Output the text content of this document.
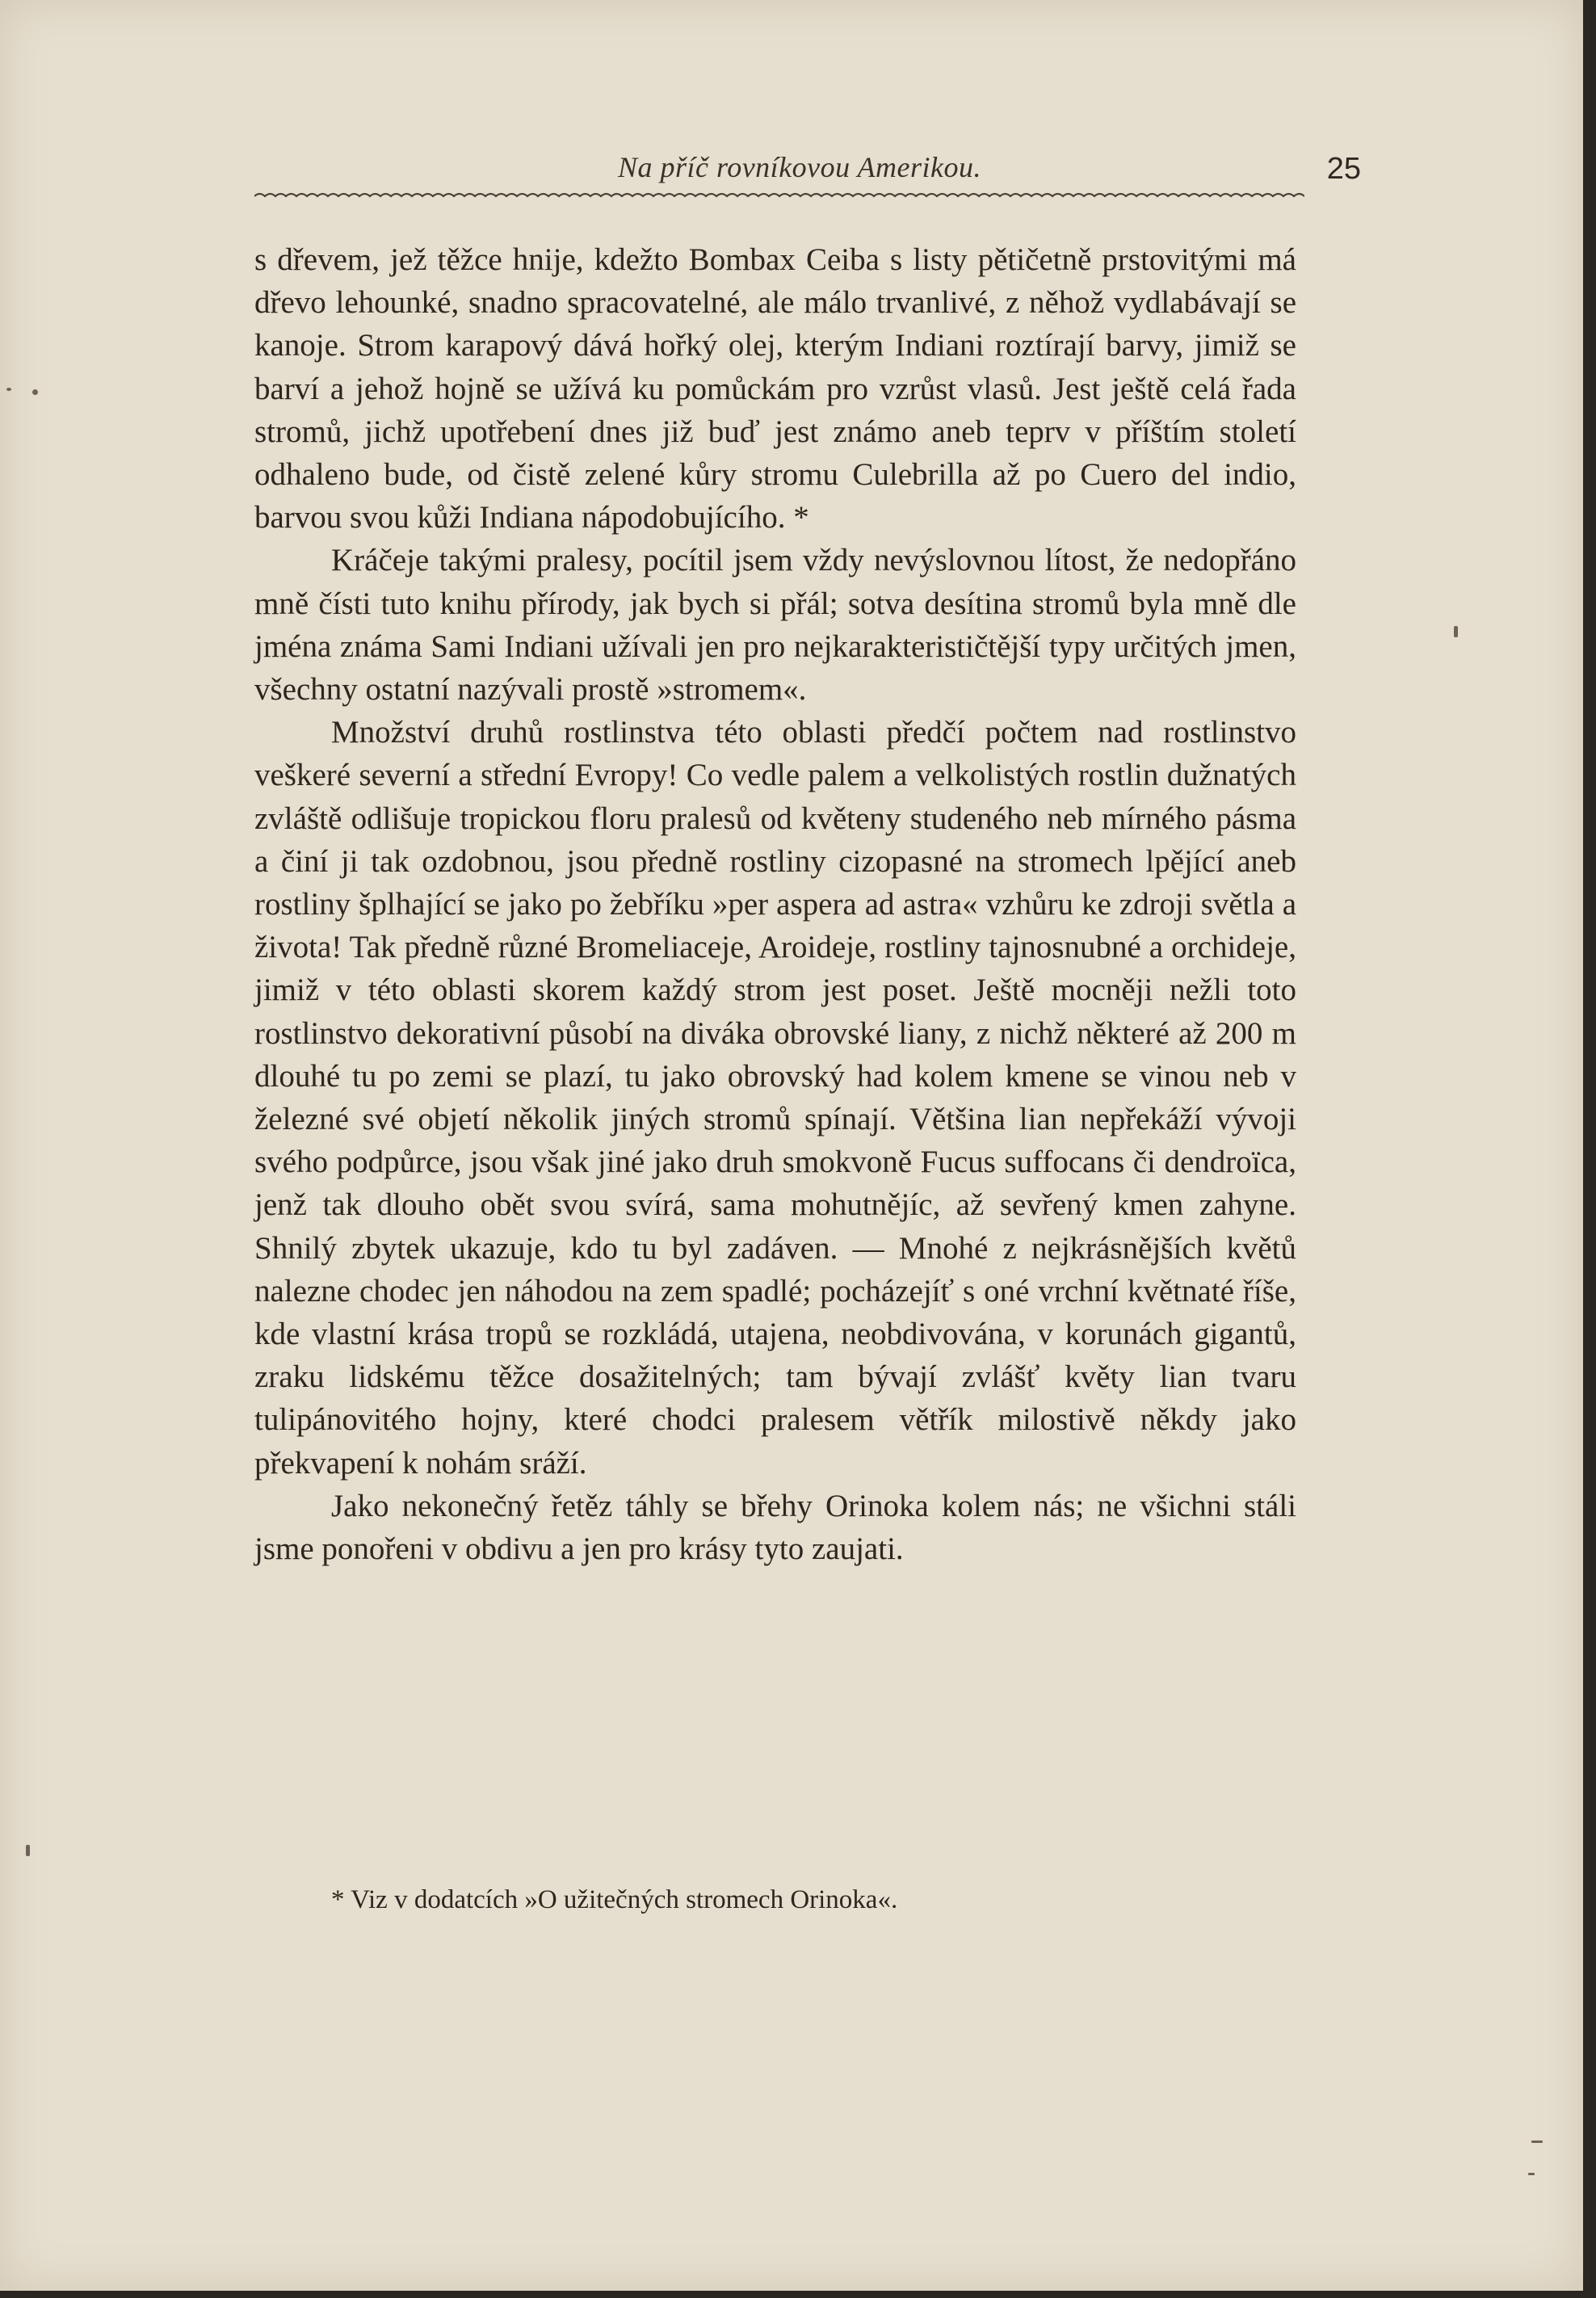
Na příč rovníkovou Amerikou.	25

s dřevem, jež těžce hnije, kdežto Bombax Ceiba s listy pětičetně prstovitými má dřevo lehounké, snadno spracovatelné, ale málo trvanlivé, z něhož vydlabávají se kanoje. Strom karapový dává hořký olej, kterým Indiani roztírají barvy, jimiž se barví a jehož hojně se užívá ku pomůckám pro vzrůst vlasů. Jest ještě celá řada stromů, jichž upotřebení dnes již buď jest známo aneb teprv v příštím století odhaleno bude, od čistě zelené kůry stromu Culebrilla až po Cuero del indio, barvou svou kůži Indiana nápodobujícího. *

Kráčeje takými pralesy, pocítil jsem vždy nevýslovnou lítost, že nedopřáno mně čísti tuto knihu přírody, jak bych si přál; sotva desítina stromů byla mně dle jména známa Sami Indiani užívali jen pro nejkarakterističtější typy určitých jmen, všechny ostatní nazývali prostě »stromem«.

Množství druhů rostlinstva této oblasti předčí počtem nad rostlinstvo veškeré severní a střední Evropy! Co vedle palem a velkolistých rostlin dužnatých zvláště odlišuje tropickou floru pralesů od květeny studeného neb mírného pásma a činí ji tak ozdobnou, jsou předně rostliny cizopasné na stromech lpějící aneb rostliny šplhající se jako po žebříku »per aspera ad astra« vzhůru ke zdroji světla a života! Tak předně různé Bromeliaceje, Aroideje, rostliny tajnosnubné a orchideje, jimiž v této oblasti skorem každý strom jest poset. Ještě mocněji nežli toto rostlinstvo dekorativní působí na diváka obrovské liany, z nichž některé až 200 m dlouhé tu po zemi se plazí, tu jako obrovský had kolem kmene se vinou neb v železné své objetí několik jiných stromů spínají. Většina lian nepřekáží vývoji svého podpůrce, jsou však jiné jako druh smokvoně Fucus suffocans či dendroïca, jenž tak dlouho obět svou svírá, sama mohutnějíc, až sevřený kmen zahyne. Shnilý zbytek ukazuje, kdo tu byl zadáven. — Mnohé z nejkrásnějších květů nalezne chodec jen náhodou na zem spadlé; pocházejíť s oné vrchní květnaté říše, kde vlastní krása tropů se rozkládá, utajena, neobdivována, v korunách gigantů, zraku lidskému těžce dosažitelných; tam bývají zvlášť květy lian tvaru tulipánovitého hojny, které chodci pralesem větřík milostivě někdy jako překvapení k nohám sráží.

Jako nekonečný řetěz táhly se břehy Orinoka kolem nás; ne všichni stáli jsme ponořeni v obdivu a jen pro krásy tyto zaujati.

* Viz v dodatcích »O užitečných stromech Orinoka«.
